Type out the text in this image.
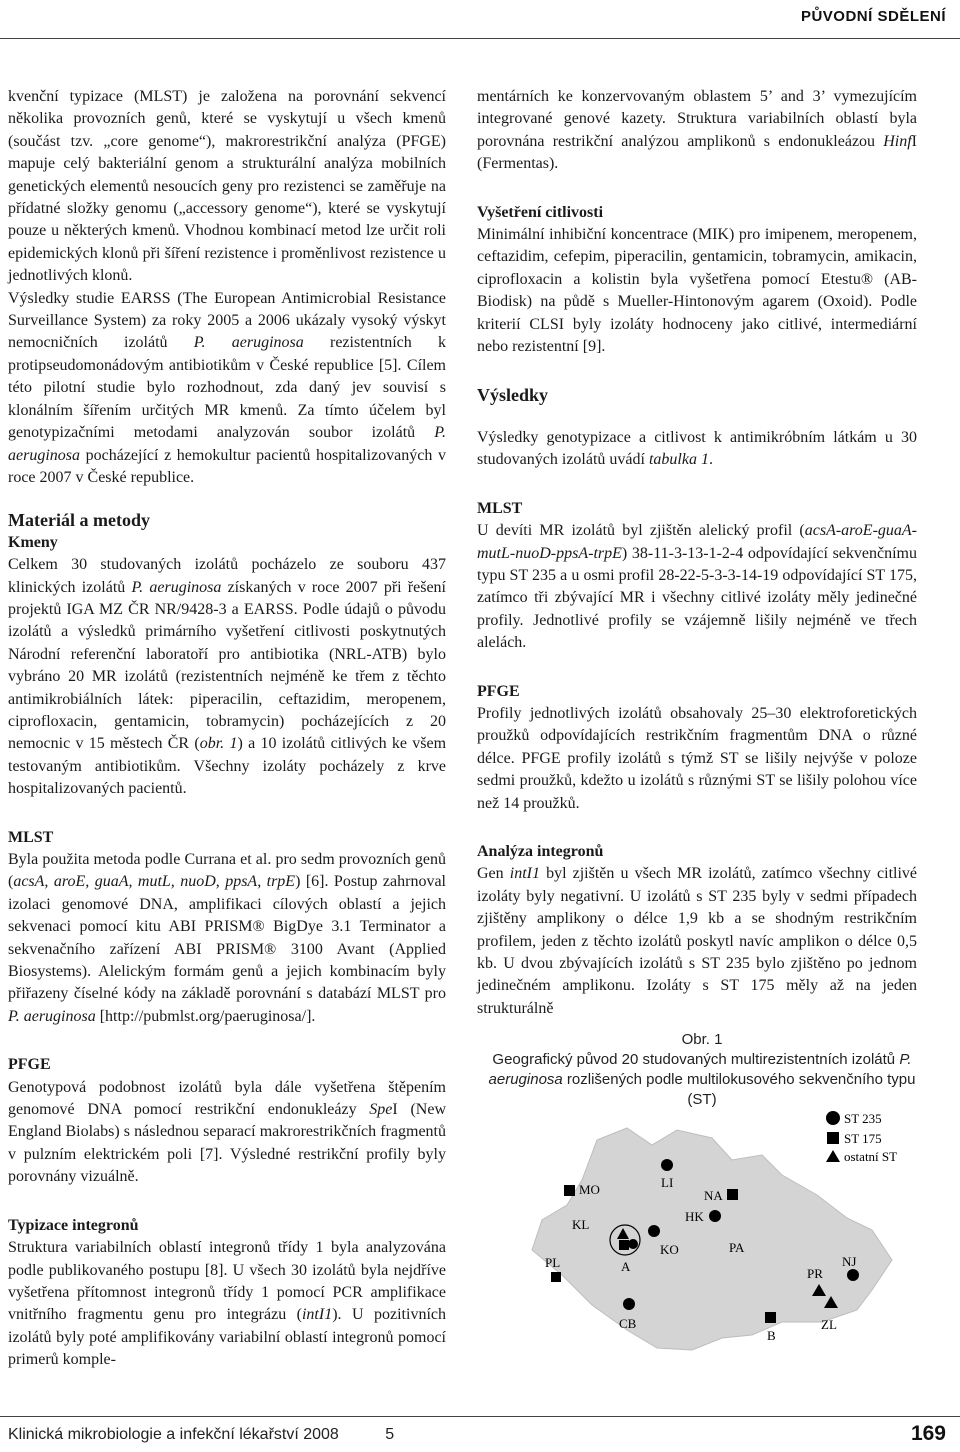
PŮVODNÍ SDĚLENÍ

kvenční typizace (MLST) je založena na porovnání sekvencí několika provozních genů, které se vyskytují u všech kmenů (součást tzv. „core genome“), makrorestrikční analýza (PFGE) mapuje celý bakteriální genom a strukturální analýza mobilních genetických elementů nesoucích geny pro rezistenci se zaměřuje na přídatné složky genomu („accessory genome“), které se vyskytují pouze u některých kmenů. Vhodnou kombinací metod lze určit roli epidemických klonů při šíření rezistence i proměnlivost rezistence u jednotlivých klonů.

Výsledky studie EARSS (The European Antimicrobial Resistance Surveillance System) za roky 2005 a 2006 ukázaly vysoký výskyt nemocničních izolátů P. aeruginosa rezistentních k protipseudomonádovým antibiotikům v České republice [5]. Cílem této pilotní studie bylo rozhodnout, zda daný jev souvisí s klonálním šířením určitých MR kmenů. Za tímto účelem byl genotypizačními metodami analyzován soubor izolátů P. aeruginosa pocházející z hemokultur pacientů hospitalizovaných v roce 2007 v České republice.

Materiál a metody
Kmeny

Celkem 30 studovaných izolátů pocházelo ze souboru 437 klinických izolátů P. aeruginosa získaných v roce 2007 při řešení projektů IGA MZ ČR NR/9428-3 a EARSS. Podle údajů o původu izolátů a výsledků primárního vyšetření citlivosti poskytnutých Národní referenční laboratoří pro antibiotika (NRL-ATB) bylo vybráno 20 MR izolátů (rezistentních nejméně ke třem z těchto antimikrobiálních látek: piperacilin, ceftazidim, meropenem, ciprofloxacin, gentamicin, tobramycin) pocházejících z 20 nemocnic v 15 městech ČR (obr. 1) a 10 izolátů citlivých ke všem testovaným antibiotikům. Všechny izoláty pocházely z krve hospitalizovaných pacientů.

MLST

Byla použita metoda podle Currana et al. pro sedm provozních genů (acsA, aroE, guaA, mutL, nuoD, ppsA, trpE) [6]. Postup zahrnoval izolaci genomové DNA, amplifikaci cílových oblastí a jejich sekvenaci pomocí kitu ABI PRISM® BigDye 3.1 Terminator a sekvenačního zařízení ABI PRISM® 3100 Avant (Applied Biosystems). Alelickým formám genů a jejich kombinacím byly přiřazeny číselné kódy na základě porovnání s databází MLST pro P. aeruginosa [http://pubmlst.org/paeruginosa/].

PFGE

Genotypová podobnost izolátů byla dále vyšetřena štěpením genomové DNA pomocí restrikční endonukleázy SpeI (New England Biolabs) s následnou separací makrorestrikčních fragmentů v pulzním elektrickém poli [7]. Výsledné restrikční profily byly porovnány vizuálně.

Typizace integronů

Struktura variabilních oblastí integronů třídy 1 byla analyzována podle publikovaného postupu [8]. U všech 30 izolátů byla nejdříve vyšetřena přítomnost integronů třídy 1 pomocí PCR amplifikace vnitřního fragmentu genu pro integrázu (intI1). U pozitivních izolátů byly poté amplifikovány variabilní oblastí integronů pomocí primerů komple-

mentárních ke konzervovaným oblastem 5’ and 3’ vymezujícím integrované genové kazety. Struktura variabilních oblastí byla porovnána restrikční analýzou amplikonů s endonukleázou HinfI (Fermentas).

Vyšetření citlivosti

Minimální inhibiční koncentrace (MIK) pro imipenem, meropenem, ceftazidim, cefepim, piperacilin, gentamicin, tobramycin, amikacin, ciprofloxacin a kolistin byla vyšetřena pomocí Etestu® (AB-Biodisk) na půdě s Mueller-Hintonovým agarem (Oxoid). Podle kriterií CLSI byly izoláty hodnoceny jako citlivé, intermediární nebo rezistentní [9].

Výsledky

Výsledky genotypizace a citlivost k antimikróbním látkám u 30 studovaných izolátů uvádí tabulka 1.

MLST

U devíti MR izolátů byl zjištěn alelický profil (acsA-aroE-guaA-mutL-nuoD-ppsA-trpE) 38-11-3-13-1-2-4 odpovídající sekvenčnímu typu ST 235 a u osmi profil 28-22-5-3-3-14-19 odpovídající ST 175, zatímco tři zbývající MR i všechny citlivé izoláty měly jedinečné profily. Jednotlivé profily se vzájemně lišily nejméně ve třech alelách.

PFGE

Profily jednotlivých izolátů obsahovaly 25–30 elektroforetických proužků odpovídajících restrikčním fragmentům DNA o různé délce. PFGE profily izolátů s týmž ST se lišily nejvýše v poloze sedmi proužků, kdežto u izolátů s různými ST se lišily polohou více než 14 proužků.

Analýza integronů

Gen intI1 byl zjištěn u všech MR izolátů, zatímco všechny citlivé izoláty byly negativní. U izolátů s ST 235 byly v sedmi případech zjištěny amplikony o délce 1,9 kb a se shodným restrikčním profilem, jeden z těchto izolátů poskytl navíc amplikon o délce 0,5 kb. U dvou zbývajících izolátů s ST 235 bylo zjištěno po jednom jedinečném amplikonu. Izoláty s ST 175 měly až na jeden strukturálně

Obr. 1
Geografický původ 20 studovaných multirezistentních izolátů P. aeruginosa rozlišených podle multilokusového sekvenčního typu (ST)
ST 235
ST 175
ostatní ST
MO	LI
NA
HK
KL
A
KO	PA
PL
PR
NJ
CB
B
ZL
Klinická mikrobiologie a infekční lékařství 2008	5	169
